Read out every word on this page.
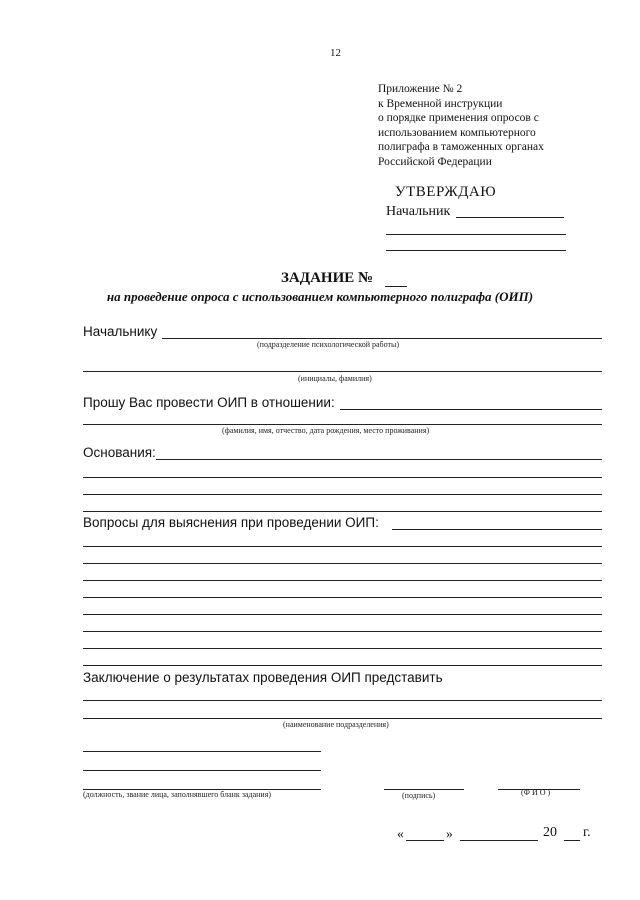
12
Приложение № 2
к Временной инструкции
о порядке применения опросов с
использованием компьютерного
полиграфа в таможенных органах
Российской Федерации
УТВЕРЖДАЮ
Начальник
ЗАДАНИЕ №
на проведение опроса с использованием компьютерного полиграфа (ОИП)
Начальнику
(подразделение психологической работы)
(инициалы, фамилия)
Прошу Вас провести ОИП в отношении:
(фамилия, имя, отчество, дата рождения, место проживания)
Основания:
Вопросы для выяснения при проведении ОИП:
Заключение о результатах проведения ОИП представить
(наименование подразделения)
(должность, звание лица, заполнявшего бланк задания)	(подпись)	(Ф И О )
«	»	20 г.
